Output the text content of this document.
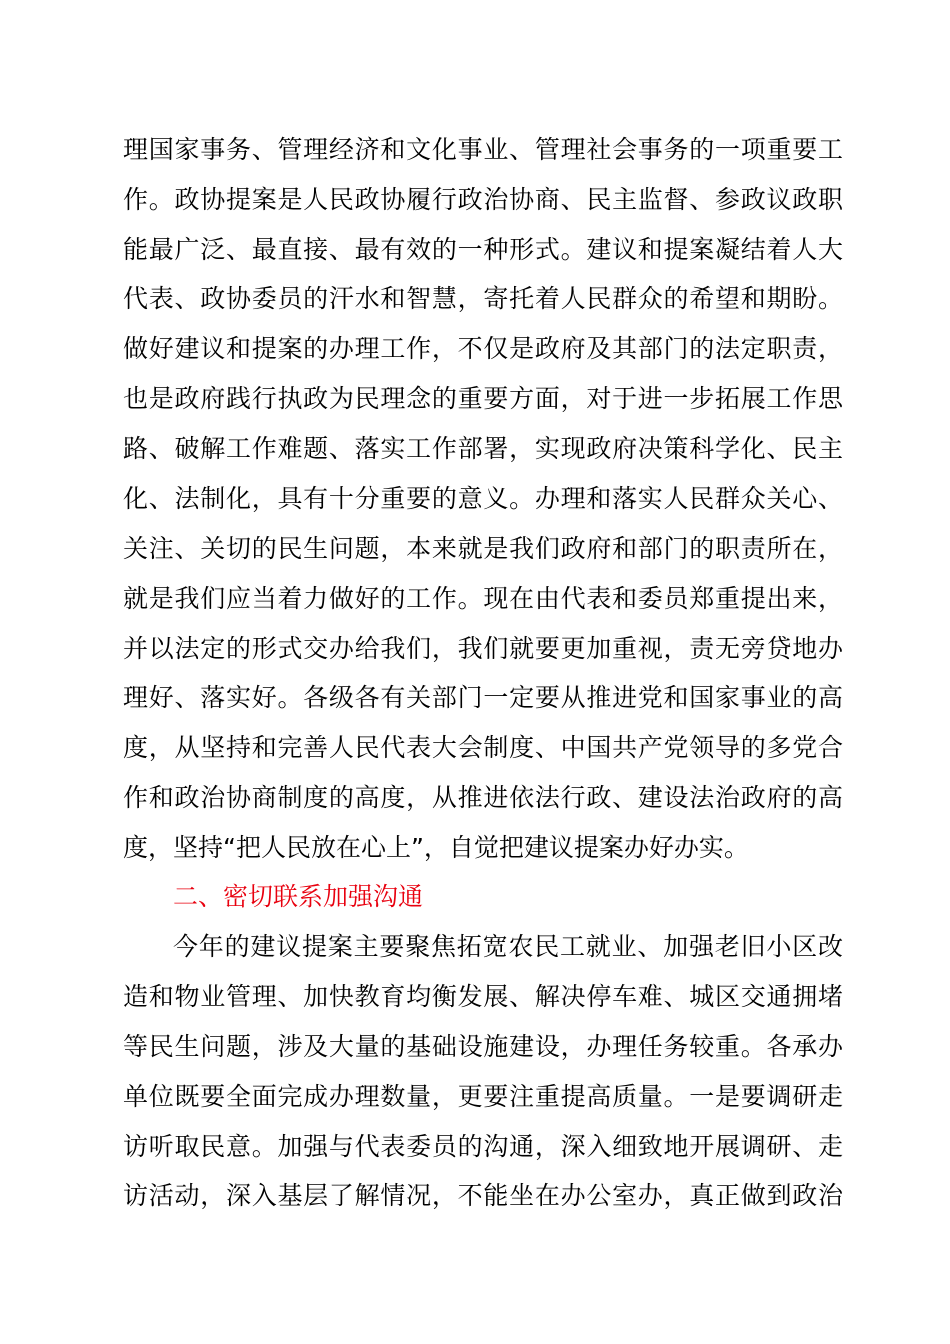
理国家事务、管理经济和文化事业、管理社会事务的一项重要工
作。政协提案是人民政协履行政治协商、民主监督、参政议政职
能最广泛、最直接、最有效的一种形式。建议和提案凝结着人大
代表、政协委员的汗水和智慧，寄托着人民群众的希望和期盼。
做好建议和提案的办理工作，不仅是政府及其部门的法定职责，
也是政府践行执政为民理念的重要方面，对于进一步拓展工作思
路、破解工作难题、落实工作部署，实现政府决策科学化、民主
化、法制化，具有十分重要的意义。办理和落实人民群众关心、
关注、关切的民生问题，本来就是我们政府和部门的职责所在，
就是我们应当着力做好的工作。现在由代表和委员郑重提出来，
并以法定的形式交办给我们，我们就要更加重视，责无旁贷地办
理好、落实好。各级各有关部门一定要从推进党和国家事业的高
度，从坚持和完善人民代表大会制度、中国共产党领导的多党合
作和政治协商制度的高度，从推进依法行政、建设法治政府的高
度，坚持“把人民放在心上”，自觉把建议提案办好办实。
二、密切联系加强沟通
今年的建议提案主要聚焦拓宽农民工就业、加强老旧小区改
造和物业管理、加快教育均衡发展、解决停车难、城区交通拥堵
等民生问题，涉及大量的基础设施建设，办理任务较重。各承办
单位既要全面完成办理数量，更要注重提高质量。一是要调研走
访听取民意。加强与代表委员的沟通，深入细致地开展调研、走
访活动，深入基层了解情况，不能坐在办公室办，真正做到政治
